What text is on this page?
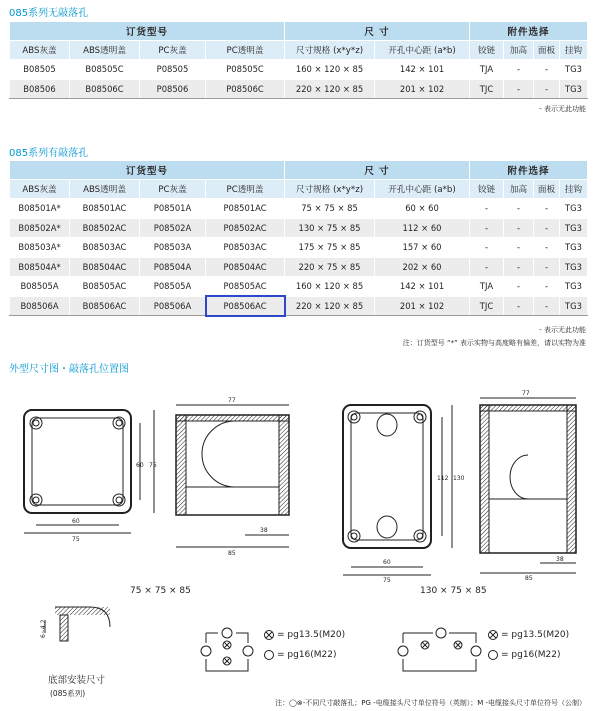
085系列无敲落孔
订货型号				尺 寸		附件选择			
ABS灰盖	ABS透明盖	PC灰盖	PC透明盖	尺寸规格 (x*y*z)	开孔中心距 (a*b)	铰链	加高	面板	挂钩
B08505	B08505C	P08505	P08505C	160 × 120 × 85	142 × 101	TJA	-	-	TG3
B08506	B08506C	P08506	P08506C	220 × 120 × 85	201 × 102	TJC	-	-	TG3
- 表示无此功能
085系列有敲落孔
订货型号				尺 寸		附件选择			
ABS灰盖	ABS透明盖	PC灰盖	PC透明盖	尺寸规格 (x*y*z)	开孔中心距 (a*b)	铰链	加高	面板	挂钩
B08501A*	B08501AC	P08501A	P08501AC	75 × 75 × 85	60 × 60	-	-	-	TG3
B08502A*	B08502AC	P08502A	P08502AC	130 × 75 × 85	112 × 60	-	-	-	TG3
B08503A*	B08503AC	P08503A	P08503AC	175 × 75 × 85	157 × 60	-	-	-	TG3
B08504A*	B08504AC	P08504A	P08504AC	220 × 75 × 85	202 × 60	-	-	-	TG3
B08505A	B08505AC	P08505A	P08505AC	160 × 120 × 85	142 × 101	TJA	-	-	TG3
B08506A	B08506AC	P08506A	P08506AC	220 × 120 × 85	201 × 102	TJC	-	-	TG3
- 表示无此功能
注：订货型号 “*” 表示实物与高度略有偏差，请以实物为准
外型尺寸图・敲落孔位置图
60
75
60 75
77
38
85
60
75
112 130
77
38
85
6~4.2
75 × 75 × 85	130 × 75 × 85
= pg13.5(M20)
= pg16(M22)
= pg13.5(M20)
= pg16(M22)
底部安装尺寸
(085系列)
注：◯⊗-不同尺寸敲落孔；PG -电缆接头尺寸单位符号（英制）；M -电缆接头尺寸单位符号（公制）
